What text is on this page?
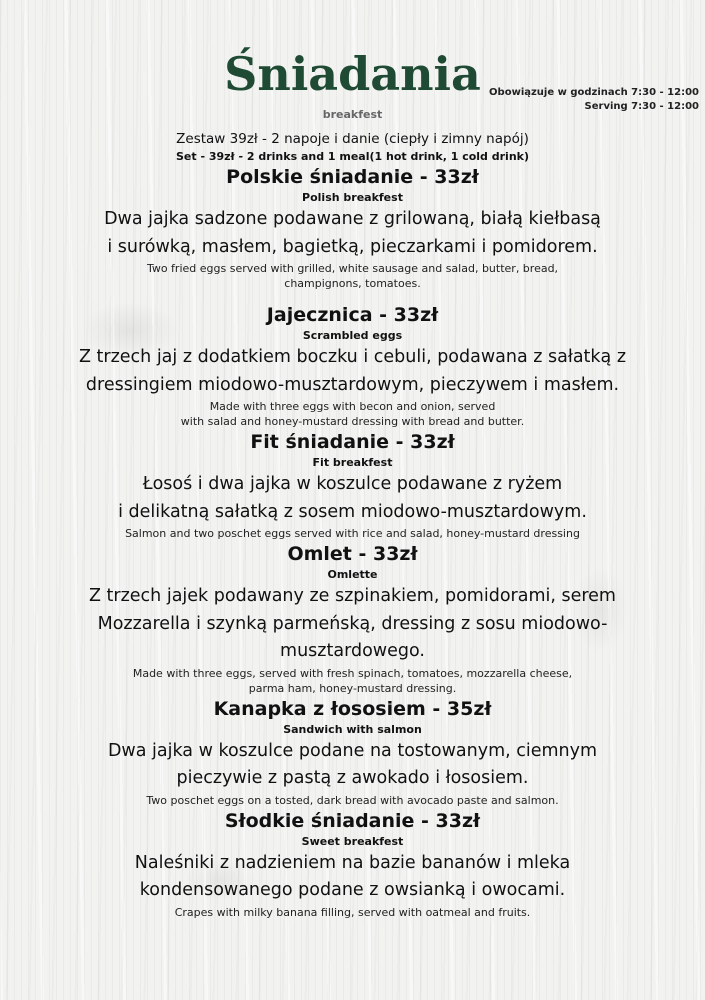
Śniadania
breakfest
Obowiązuje w godzinach 7:30 - 12:00
Serving 7:30 - 12:00
Zestaw 39zł - 2 napoje i danie (ciepły i zimny napój)
Set - 39zł - 2 drinks and 1 meal(1 hot drink, 1 cold drink)
Polskie śniadanie - 33zł
Polish breakfest
Dwa jajka sadzone podawane z grilowaną, białą kiełbasą
i surówką, masłem, bagietką, pieczarkami i pomidorem.
Two fried eggs served with grilled, white sausage and salad, butter, bread,
champignons, tomatoes.
Jajecznica - 33zł
Scrambled eggs
Z trzech jaj z dodatkiem boczku i cebuli, podawana z sałatką z
dressingiem miodowo-musztardowym, pieczywem i masłem.
Made with three eggs with becon and onion, served
with salad and honey-mustard dressing with bread and butter.
Fit śniadanie - 33zł
Fit breakfest
Łosoś i dwa jajka w koszulce podawane z ryżem
i delikatną sałatką z sosem miodowo-musztardowym.
Salmon and two poschet eggs served with rice and salad, honey-mustard dressing
Omlet - 33zł
Omlette
Z trzech jajek podawany ze szpinakiem, pomidorami, serem
Mozzarella i szynką parmeńską, dressing z sosu miodowo-
musztardowego.
Made with three eggs, served with fresh spinach, tomatoes, mozzarella cheese,
parma ham, honey-mustard dressing.
Kanapka z łososiem - 35zł
Sandwich with salmon
Dwa jajka w koszulce podane na tostowanym, ciemnym
pieczywie z pastą z awokado i łososiem.
Two poschet eggs on a tosted, dark bread with avocado paste and salmon.
Słodkie śniadanie - 33zł
Sweet breakfest
Naleśniki z nadzieniem na bazie bananów i mleka
kondensowanego podane z owsianką i owocami.
Crapes with milky banana filling, served with oatmeal and fruits.
